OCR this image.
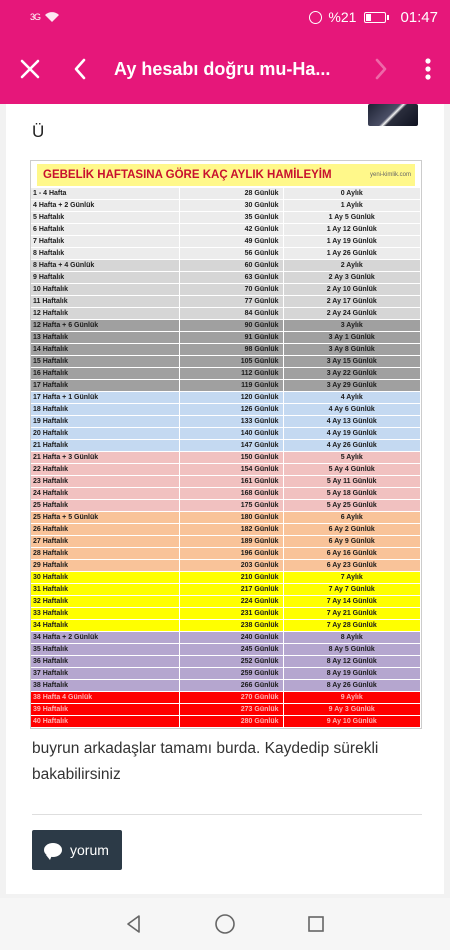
3G	%21	01:47
Ay hesabı doğru mu-Ha...
Ü
GEBELİK HAFTASINA GÖRE KAÇ AYLIK HAMİLEYİM	yeni-kimlik.com
1 - 4 Hafta	28 Günlük	0 Aylık
4 Hafta + 2 Günlük	30 Günlük	1 Aylık
5 Haftalık	35 Günlük	1 Ay 5 Günlük
6 Haftalık	42 Günlük	1 Ay 12 Günlük
7 Haftalık	49 Günlük	1 Ay 19 Günlük
8 Haftalık	56 Günlük	1 Ay 26 Günlük
8 Hafta + 4 Günlük	60 Günlük	2 Aylık
9 Haftalık	63 Günlük	2 Ay 3 Günlük
10 Haftalık	70 Günlük	2 Ay 10 Günlük
11 Haftalık	77 Günlük	2 Ay 17 Günlük
12 Haftalık	84 Günlük	2 Ay 24 Günlük
12 Hafta + 6 Günlük	90 Günlük	3 Aylık
13 Haftalık	91 Günlük	3 Ay 1 Günlük
14 Haftalık	98 Günlük	3 Ay 8 Günlük
15 Haftalık	105 Günlük	3 Ay 15 Günlük
16 Haftalık	112 Günlük	3 Ay 22 Günlük
17 Haftalık	119 Günlük	3 Ay 29 Günlük
17 Hafta + 1 Günlük	120 Günlük	4 Aylık
18 Haftalık	126 Günlük	4 Ay 6 Günlük
19 Haftalık	133 Günlük	4 Ay 13 Günlük
20 Haftalık	140 Günlük	4 Ay 19 Günlük
21 Haftalık	147 Günlük	4 Ay 26 Günlük
21 Hafta + 3 Günlük	150 Günlük	5 Aylık
22 Haftalık	154 Günlük	5 Ay 4 Günlük
23 Haftalık	161 Günlük	5 Ay 11 Günlük
24 Haftalık	168 Günlük	5 Ay 18 Günlük
25 Haftalık	175 Günlük	5 Ay 25 Günlük
25 Hafta + 5 Günlük	180 Günlük	6 Aylık
26 Haftalık	182 Günlük	6 Ay 2 Günlük
27 Haftalık	189 Günlük	6 Ay 9 Günlük
28 Haftalık	196 Günlük	6 Ay 16 Günlük
29 Haftalık	203 Günlük	6 Ay 23 Günlük
30 Haftalık	210 Günlük	7 Aylık
31 Haftalık	217 Günlük	7 Ay 7 Günlük
32 Haftalık	224 Günlük	7 Ay 14 Günlük
33 Haftalık	231 Günlük	7 Ay 21 Günlük
34 Haftalık	238 Günlük	7 Ay 28 Günlük
34 Hafta + 2 Günlük	240 Günlük	8 Aylık
35 Haftalık	245 Günlük	8 Ay 5 Günlük
36 Haftalık	252 Günlük	8 Ay 12 Günlük
37 Haftalık	259 Günlük	8 Ay 19 Günlük
38 Haftalık	266 Günlük	8 Ay 26 Günlük
38 Hafta 4 Günlük	270 Günlük	9 Aylık
39 Haftalık	273 Günlük	9 Ay 3 Günlük
40 Haftalık	280 Günlük	9 Ay 10 Günlük
buyrun arkadaşlar tamamı burda. Kaydedip sürekli bakabilirsiniz
yorum
